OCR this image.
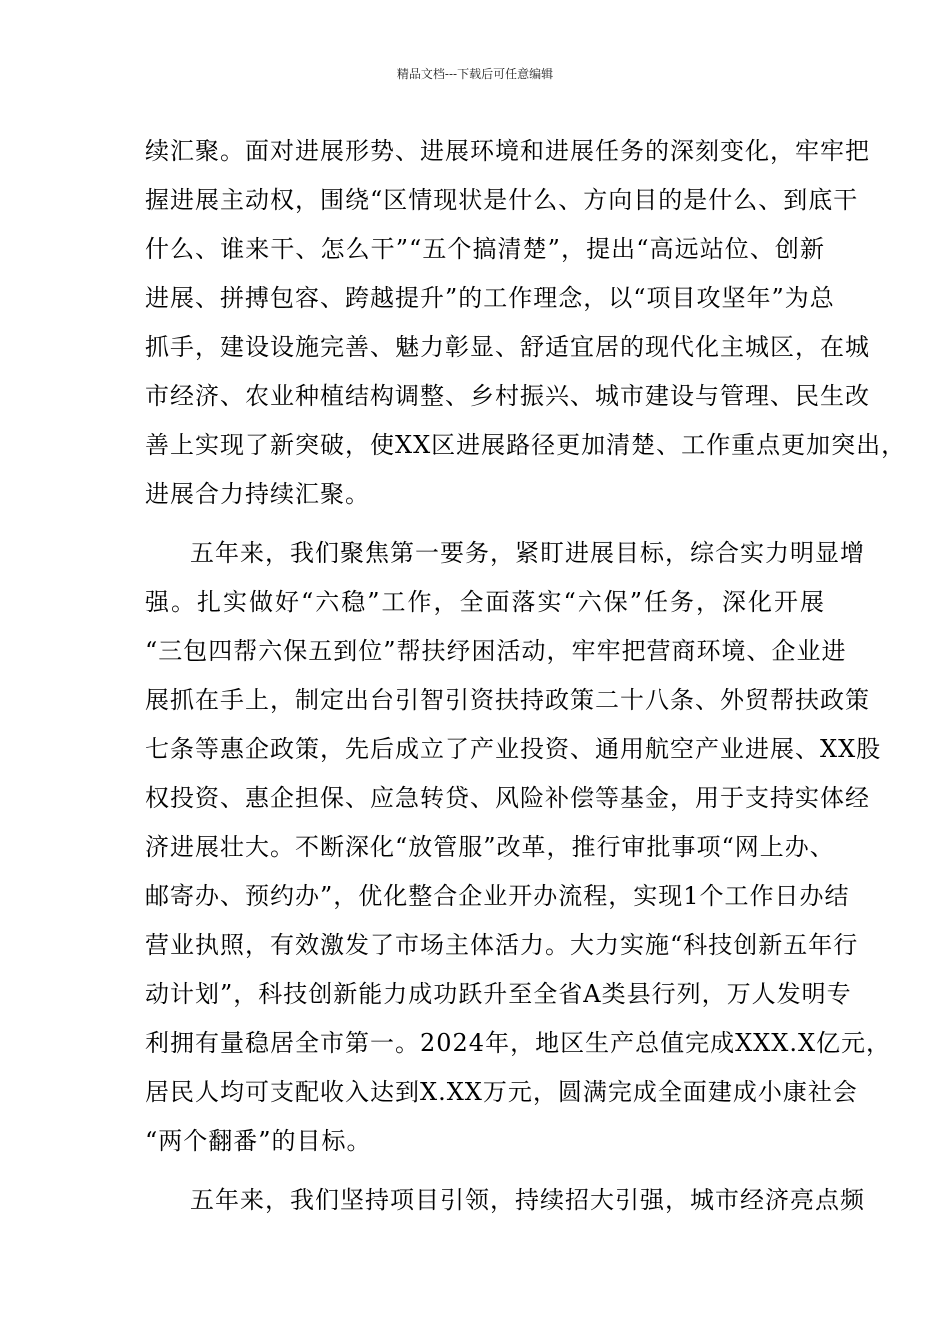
精品文档---下载后可任意编辑
续汇聚。面对进展形势、进展环境和进展任务的深刻变化，牢牢把
握进展主动权，围绕“区情现状是什么、方向目的是什么、到底干
什么、谁来干、怎么干”“五个搞清楚”，提出“高远站位、创新
进展、拼搏包容、跨越提升”的工作理念，以“项目攻坚年”为总
抓手，建设设施完善、魅力彰显、舒适宜居的现代化主城区，在城
市经济、农业种植结构调整、乡村振兴、城市建设与管理、民生改
善上实现了新突破，使XX区进展路径更加清楚、工作重点更加突出，
进展合力持续汇聚。
五年来，我们聚焦第一要务，紧盯进展目标，综合实力明显增
强。扎实做好“六稳”工作，全面落实“六保”任务，深化开展
“三包四帮六保五到位”帮扶纾困活动，牢牢把营商环境、企业进
展抓在手上，制定出台引智引资扶持政策二十八条、外贸帮扶政策
七条等惠企政策，先后成立了产业投资、通用航空产业进展、XX股
权投资、惠企担保、应急转贷、风险补偿等基金，用于支持实体经
济进展壮大。不断深化“放管服”改革，推行审批事项“网上办、
邮寄办、预约办”，优化整合企业开办流程，实现1个工作日办结
营业执照，有效激发了市场主体活力。大力实施“科技创新五年行
动计划”，科技创新能力成功跃升至全省A类县行列，万人发明专
利拥有量稳居全市第一。2024年，地区生产总值完成XXX.X亿元，
居民人均可支配收入达到X.XX万元，圆满完成全面建成小康社会
“两个翻番”的目标。
五年来，我们坚持项目引领，持续招大引强，城市经济亮点频
